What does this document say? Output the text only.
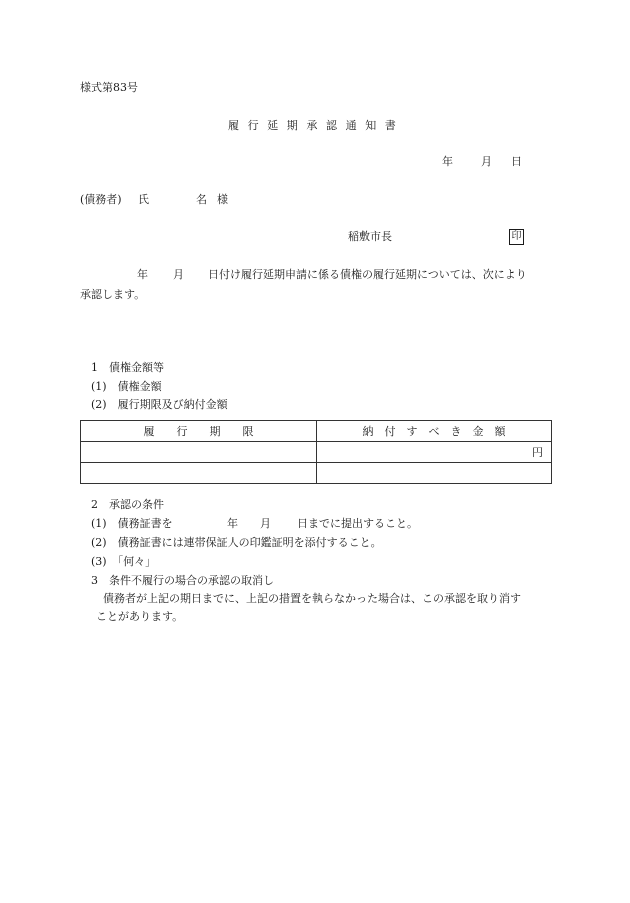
様式第83号
履行延期承認通知書
年	月 日
(債務者) 氏	名 様
稲敷市長	印
年 月 日付け履行延期申請に係る債権の履行延期については、次により
承認します。
1　債権金額等
(1)　債権金額
(2)　履行期限及び納付金額
履　　行　　期　　限	納　付　す　べ　き　金　額
	円

2　承認の条件
(1)　債務証書を	年 月 日までに提出すること。
(2)　債務証書には連帯保証人の印鑑証明を添付すること。
(3)　「何々」
3　条件不履行の場合の承認の取消し
債務者が上記の期日までに、上記の措置を執らなかった場合は、この承認を取り消す
ことがあります。
